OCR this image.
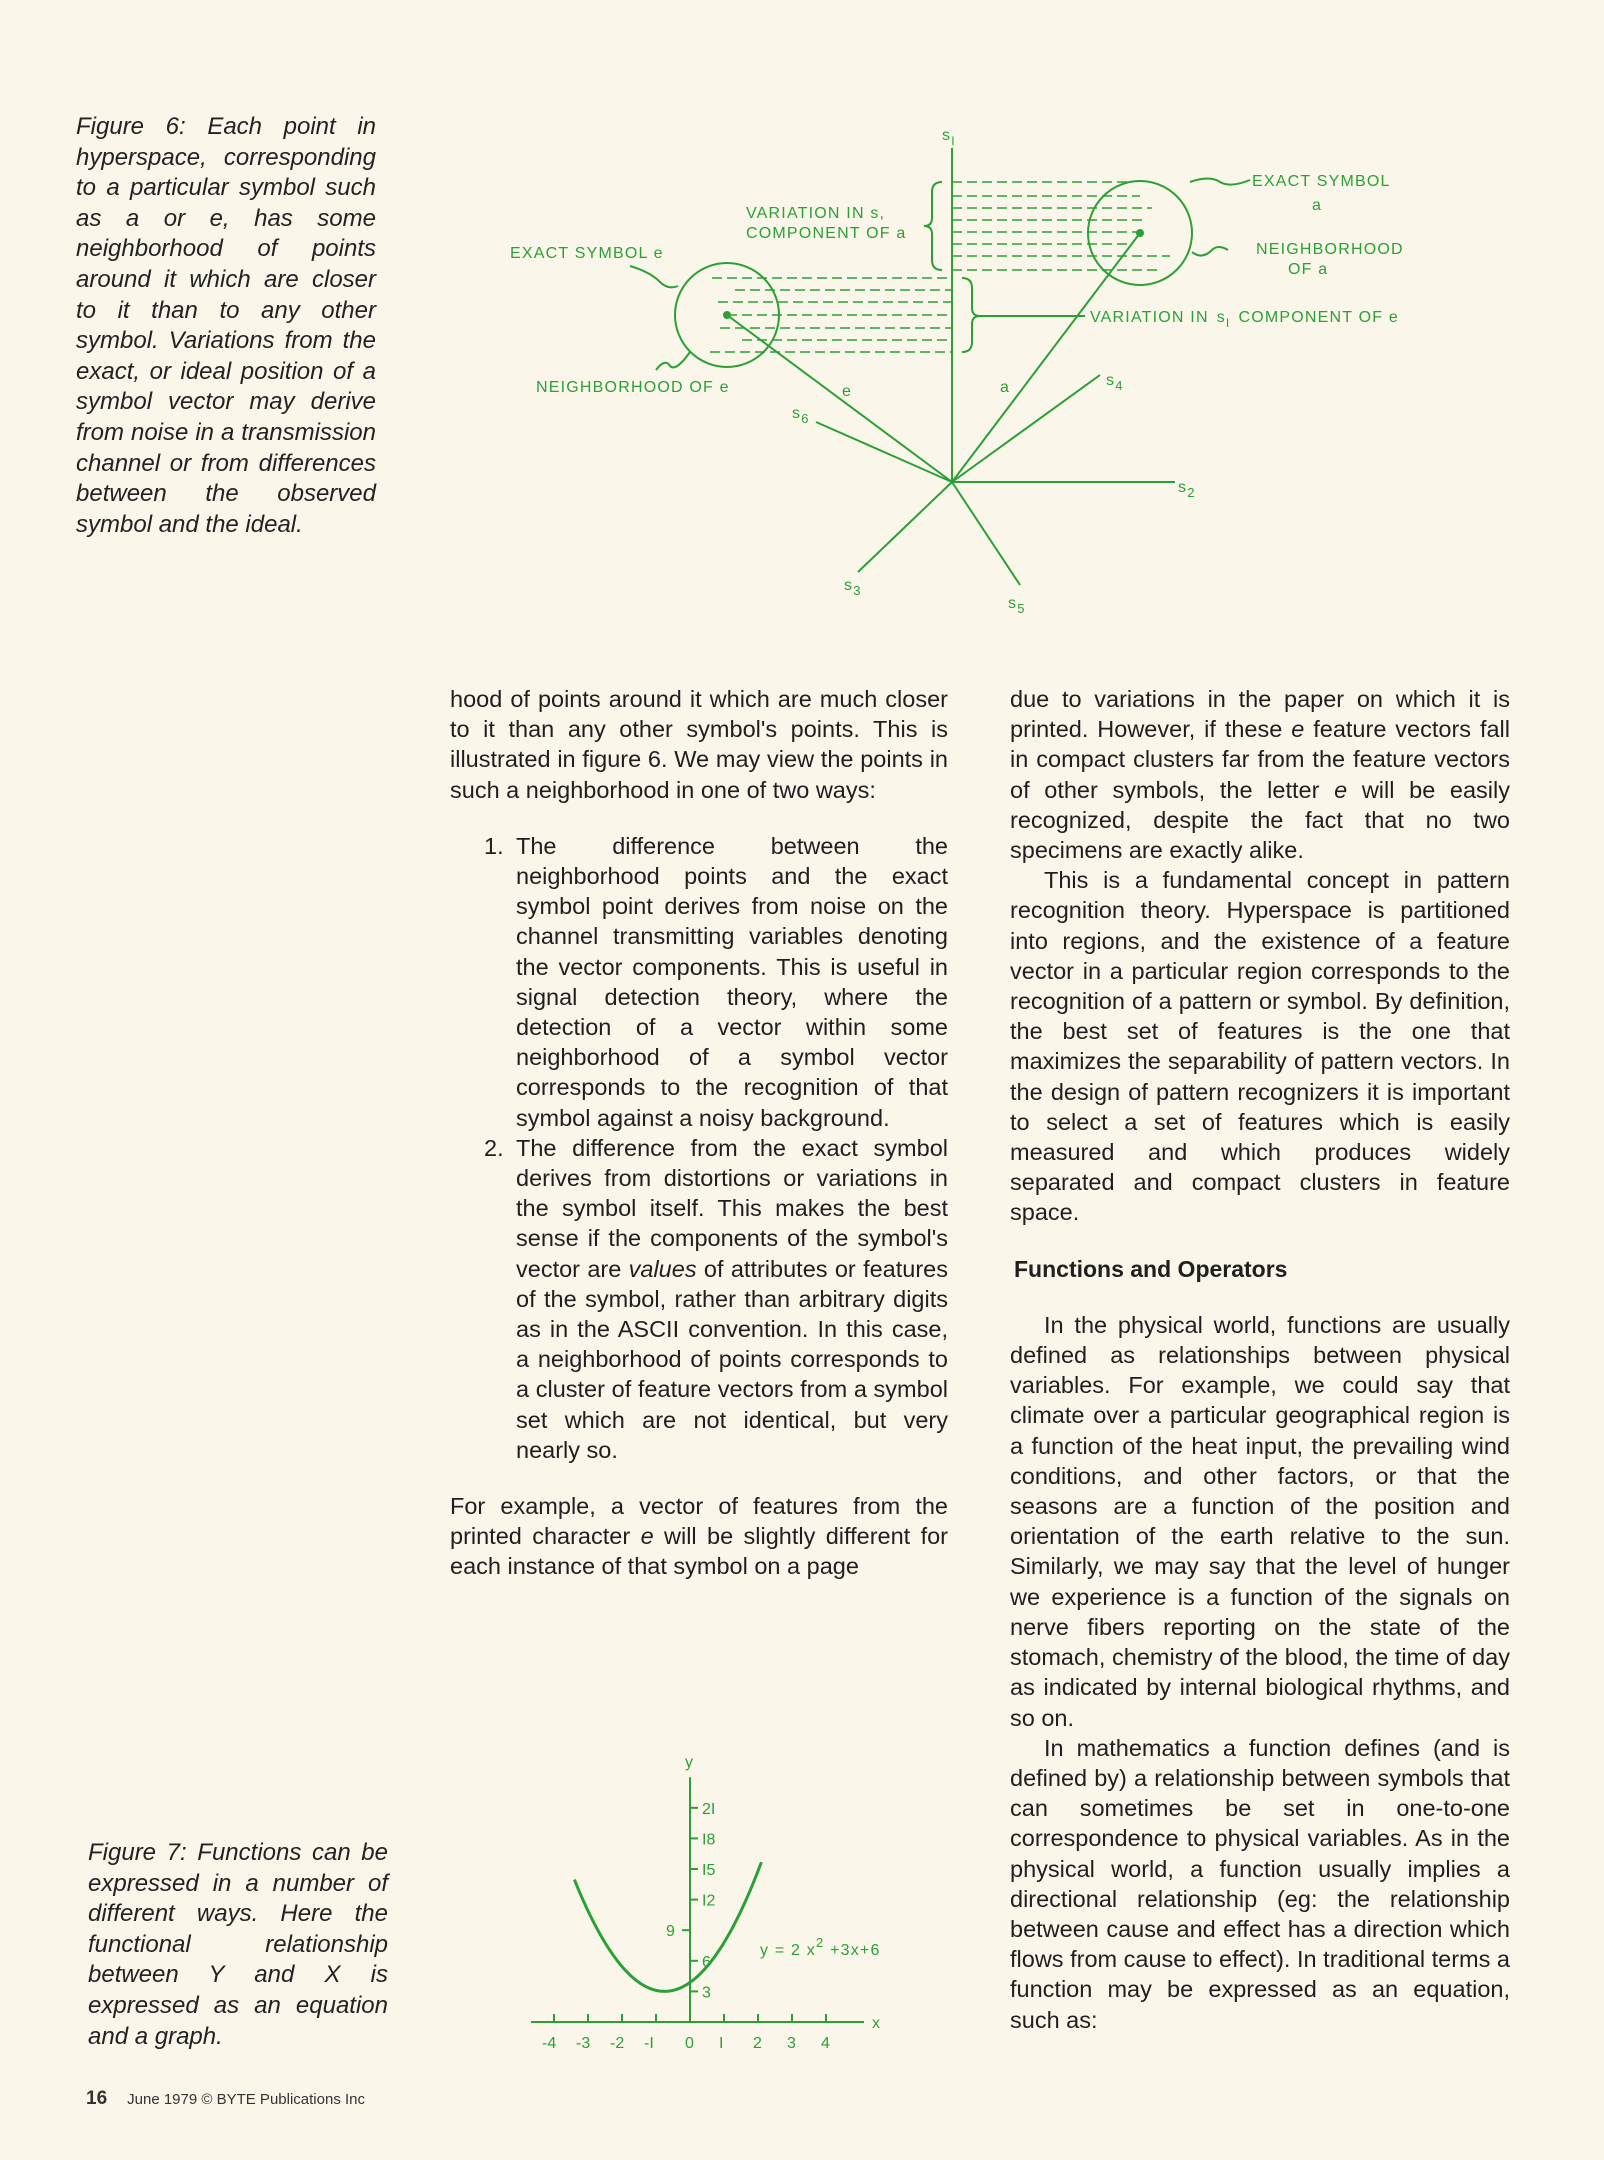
Figure 6: Each point in hyperspace, corresponding to a particular symbol such as a or e, has some neighborhood of points around it which are closer to it than to any other symbol. Variations from the exact, or ideal position of a symbol vector may derive from noise in a transmission channel or from differences between the observed symbol and the ideal.
$s_I$
$s_2$
$s_3$
$s_4$
$s_5$
$s_6$
e	a
EXACT SYMBOL
a
NEIGHBORHOOD
OF a
VARIATION IN s,
COMPONENT OF a
EXACT SYMBOL e
NEIGHBORHOOD OF e
VARIATION IN $s_I$ COMPONENT OF e

hood of points around it which are much closer to it than any other symbol's points. This is illustrated in figure 6. We may view the points in such a neighborhood in one of two ways:

1. The difference between the neighborhood points and the exact symbol point derives from noise on the channel transmitting variables denoting the vector components. This is useful in signal detection theory, where the detection of a vector within some neighborhood of a symbol vector corresponds to the recognition of that symbol against a noisy background.
2. The difference from the exact symbol derives from distortions or variations in the symbol itself. This makes the best sense if the components of the symbol's vector are values of attributes or features of the symbol, rather than arbitrary digits as in the ASCII convention. In this case, a neighborhood of points corresponds to a cluster of feature vectors from a symbol set which are not identical, but very nearly so.

For example, a vector of features from the printed character e will be slightly different for each instance of that symbol on a page

due to variations in the paper on which it is printed. However, if these e feature vectors fall in compact clusters far from the feature vectors of other symbols, the letter e will be easily recognized, despite the fact that no two specimens are exactly alike.

This is a fundamental concept in pattern recognition theory. Hyperspace is partitioned into regions, and the existence of a feature vector in a particular region corresponds to the recognition of a pattern or symbol. By definition, the best set of features is the one that maximizes the separability of pattern vectors. In the design of pattern recognizers it is important to select a set of features which is easily measured and which produces widely separated and compact clusters in feature space.

Functions and Operators

In the physical world, functions are usually defined as relationships between physical variables. For example, we could say that climate over a particular geographical region is a function of the heat input, the prevailing wind conditions, and other factors, or that the seasons are a function of the position and orientation of the earth relative to the sun. Similarly, we may say that the level of hunger we experience is a function of the signals on nerve fibers reporting on the state of the stomach, chemistry of the blood, the time of day as indicated by internal biological rhythms, and so on.

In mathematics a function defines (and is defined by) a relationship between symbols that can sometimes be set in one-to-one correspondence to physical variables. As in the physical world, a function usually implies a directional relationship (eg: the relationship between cause and effect has a direction which flows from cause to effect). In traditional terms a function may be expressed as an equation, such as:

Figure 7: Functions can be expressed in a number of different ways. Here the functional relationship between Y and X is expressed as an equation and a graph.	x
y
-4 -3 -2 -I 0 I 2 3 4
3
6
9
I2
I5
I8
2I
y = 2 $x^2 +3x+6$
16 June 1979 © BYTE Publications Inc
